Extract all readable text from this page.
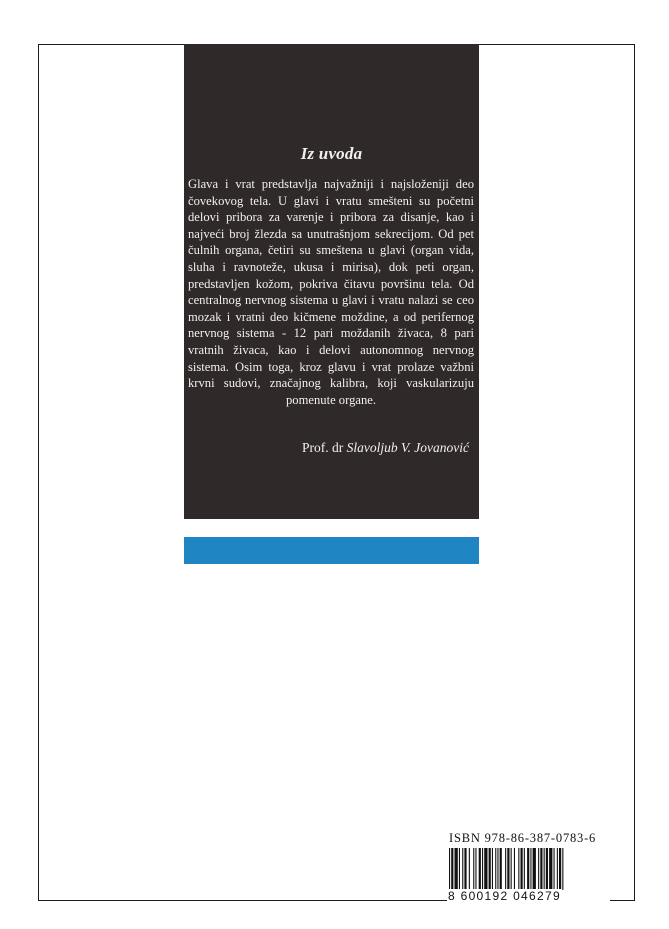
Iz uvoda
Glava i vrat predstavlja najvažniji i najsloženiji deo čovekovog tela. U glavi i vratu smešteni su početni delovi pribora za varenje i pribora za disanje, kao i najveći broj žlezda sa unutrašnjom sekrecijom. Od pet čulnih organa, četiri su smeštena u glavi (organ vida, sluha i ravnoteže, ukusa i mirisa), dok peti organ, predstavljen kožom, pokriva čitavu površinu tela. Od centralnog nervnog sistema u glavi i vratu nalazi se ceo mozak i vratni deo kičmene moždine, a od perifernog nervnog sistema - 12 pari moždanih živaca, 8 pari vratnih živaca, kao i delovi autonomnog nervnog sistema. Osim toga, kroz glavu i vrat prolaze važbni krvni sudovi, značajnog kalibra, koji vaskularizuju pomenute organe.
Prof. dr Slavoljub V. Jovanović
ISBN 978-86-387-0783-6
8 600192 046279
